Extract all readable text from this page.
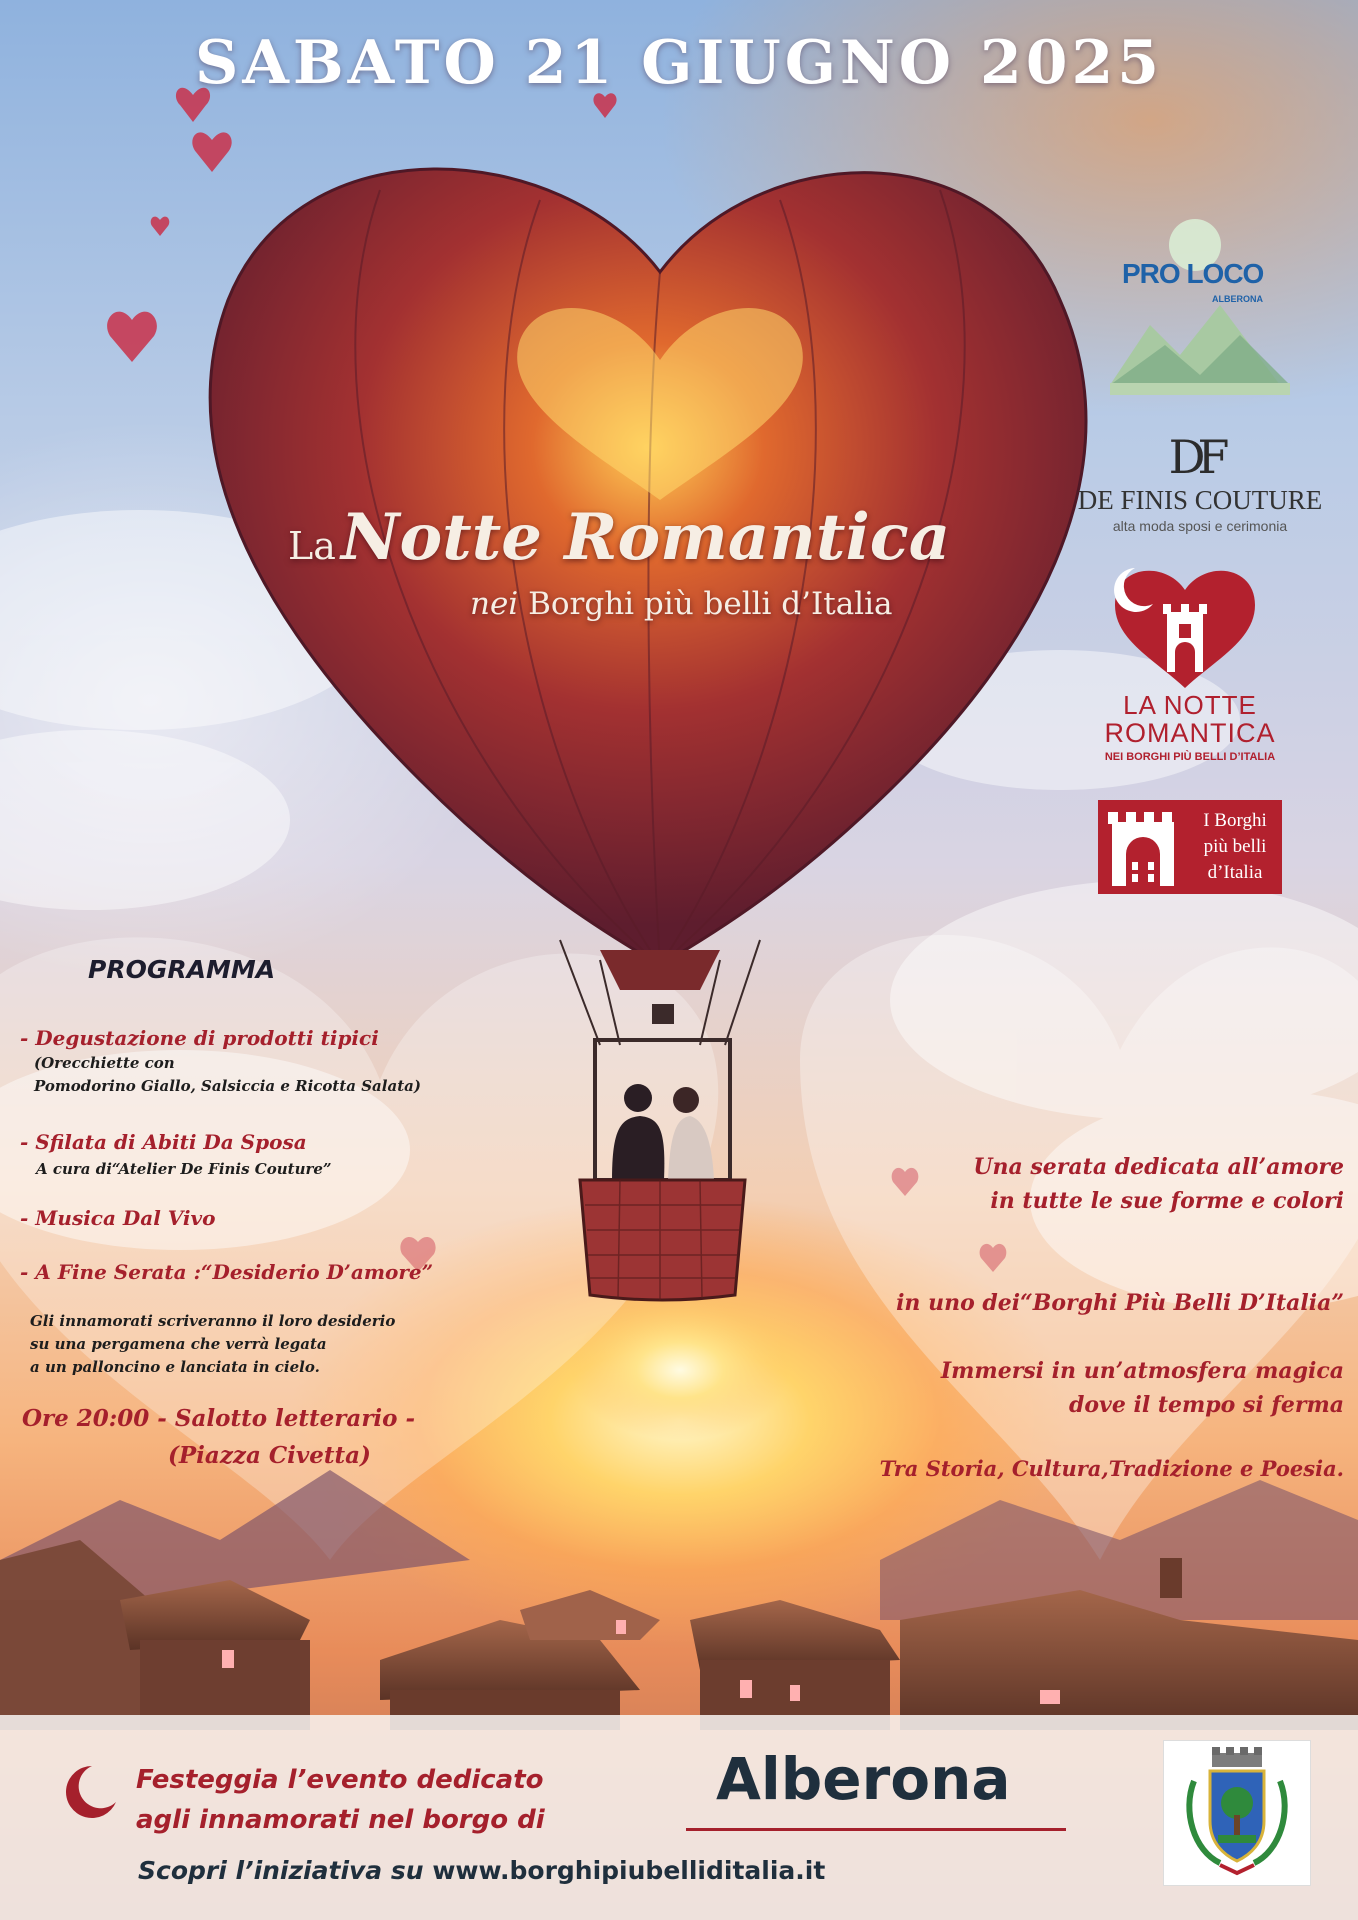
SABATO 21 GIUGNO 2025
La Notte Romantica
nei Borghi più belli d’Italia
PRO LOCO
ALBERONA
DF
DE FINIS COUTURE
alta moda sposi e cerimonia
LA NOTTE
ROMANTICA
NEI BORGHI PIÙ BELLI D’ITALIA
I Borghi
più belli
d’Italia
PROGRAMMA
- Degustazione di prodotti tipici
(Orecchiette con
Pomodorino Giallo, Salsiccia e Ricotta Salata)
- Sfilata di Abiti Da Sposa
A cura di“Atelier De Finis Couture”
- Musica Dal Vivo
- A Fine Serata :“Desiderio D’amore”
Gli innamorati scriveranno il loro desiderio
su una pergamena che verrà legata
a un palloncino e lanciata in cielo.
Ore 20:00 - Salotto letterario -
(Piazza Civetta)
Una serata dedicata all’amore
in tutte le sue forme e colori
in uno dei“Borghi Più Belli D’Italia”
Immersi in un’atmosfera magica
dove il tempo si ferma
Tra Storia, Cultura,Tradizione e Poesia.
Festeggia l’evento dedicato
agli innamorati nel borgo di
Alberona
Scopri l’iniziativa su www.borghipiubelliditalia.it
